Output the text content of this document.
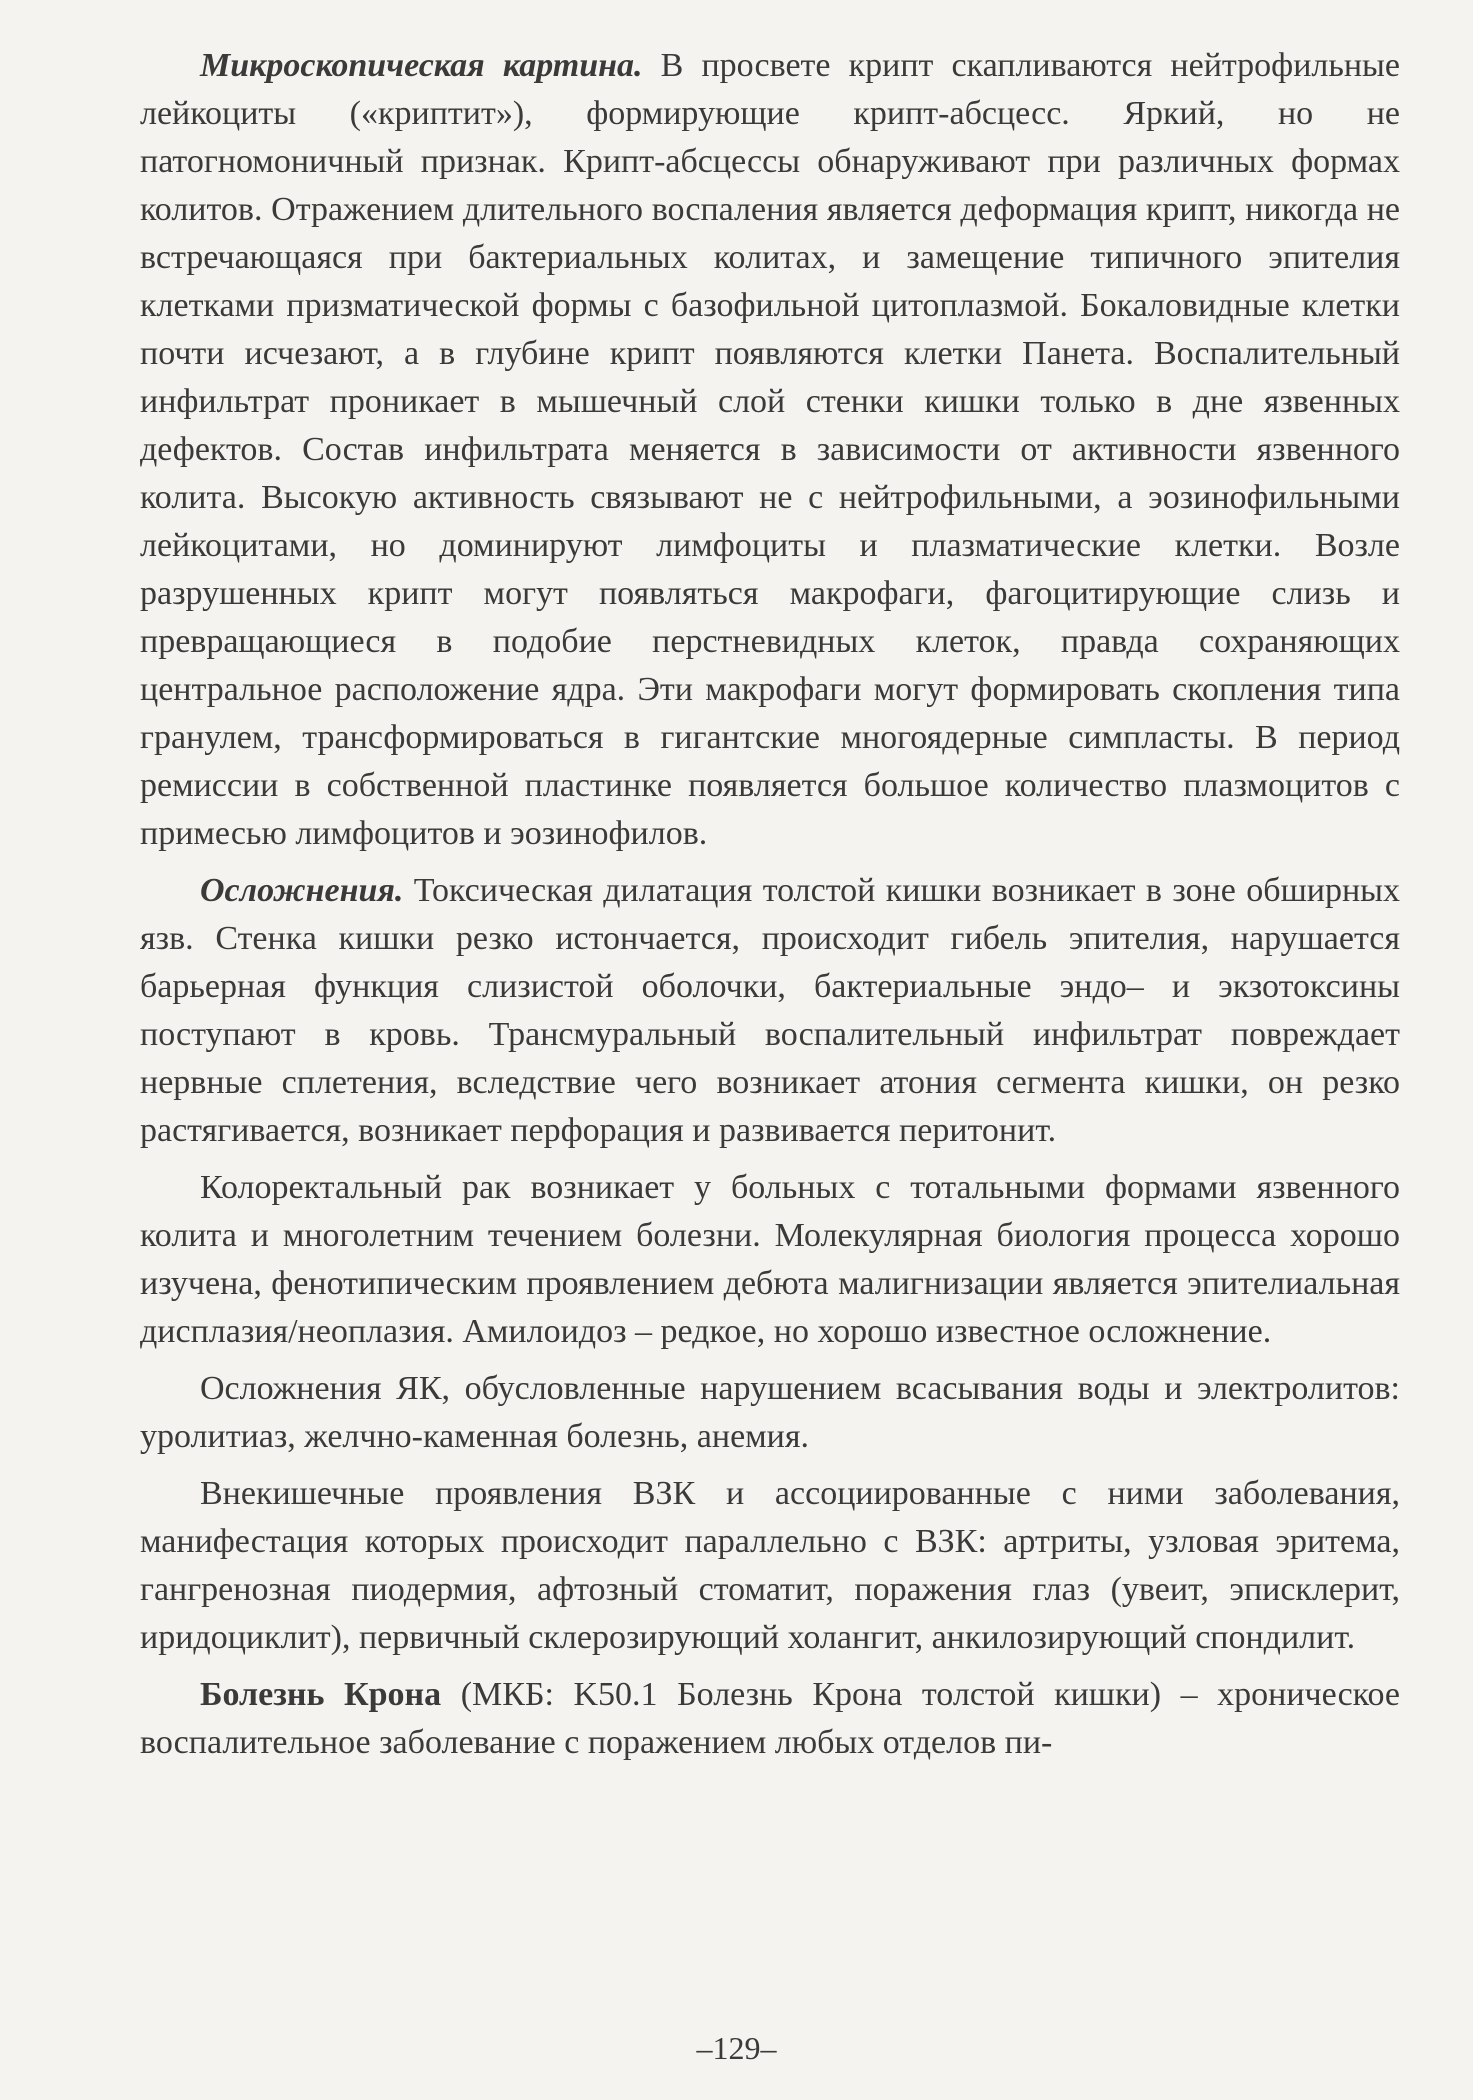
Микроскопическая картина. В просвете крипт скапливаются нейтрофильные лейкоциты («криптит»), формирующие крипт-абсцесс. Яркий, но не патогномоничный признак. Крипт-абсцессы обнаруживают при различных формах колитов. Отражением длительного воспаления является деформация крипт, никогда не встречающаяся при бактериальных колитах, и замещение типичного эпителия клетками призматической формы с базофильной цитоплазмой. Бокаловидные клетки почти исчезают, а в глубине крипт появляются клетки Панета. Воспалительный инфильтрат проникает в мышечный слой стенки кишки только в дне язвенных дефектов. Состав инфильтрата меняется в зависимости от активности язвенного колита. Высокую активность связывают не с нейтрофильными, а эозинофильными лейкоцитами, но доминируют лимфоциты и плазматические клетки. Возле разрушенных крипт могут появляться макрофаги, фагоцитирующие слизь и превращающиеся в подобие перстневидных клеток, правда сохраняющих центральное расположение ядра. Эти макрофаги могут формировать скопления типа гранулем, трансформироваться в гигантские многоядерные симпласты. В период ремиссии в собственной пластинке появляется большое количество плазмоцитов с примесью лимфоцитов и эозинофилов.

Осложнения. Токсическая дилатация толстой кишки возникает в зоне обширных язв. Стенка кишки резко истончается, происходит гибель эпителия, нарушается барьерная функция слизистой оболочки, бактериальные эндо– и экзотоксины поступают в кровь. Трансмуральный воспалительный инфильтрат повреждает нервные сплетения, вследствие чего возникает атония сегмента кишки, он резко растягивается, возникает перфорация и развивается перитонит.

Колоректальный рак возникает у больных с тотальными формами язвенного колита и многолетним течением болезни. Молекулярная биология процесса хорошо изучена, фенотипическим проявлением дебюта малигнизации является эпителиальная дисплазия/неоплазия. Амилоидоз – редкое, но хорошо известное осложнение.

Осложнения ЯК, обусловленные нарушением всасывания воды и электролитов: уролитиаз, желчно-каменная болезнь, анемия.

Внекишечные проявления ВЗК и ассоциированные с ними заболевания, манифестация которых происходит параллельно с ВЗК: артриты, узловая эритема, гангренозная пиодермия, афтозный стоматит, поражения глаз (увеит, эписклерит, иридоциклит), первичный склерозирующий холангит, анкилозирующий спондилит.

Болезнь Крона (МКБ: K50.1 Болезнь Крона толстой кишки) – хроническое воспалительное заболевание с поражением любых отделов пи-

–129–
